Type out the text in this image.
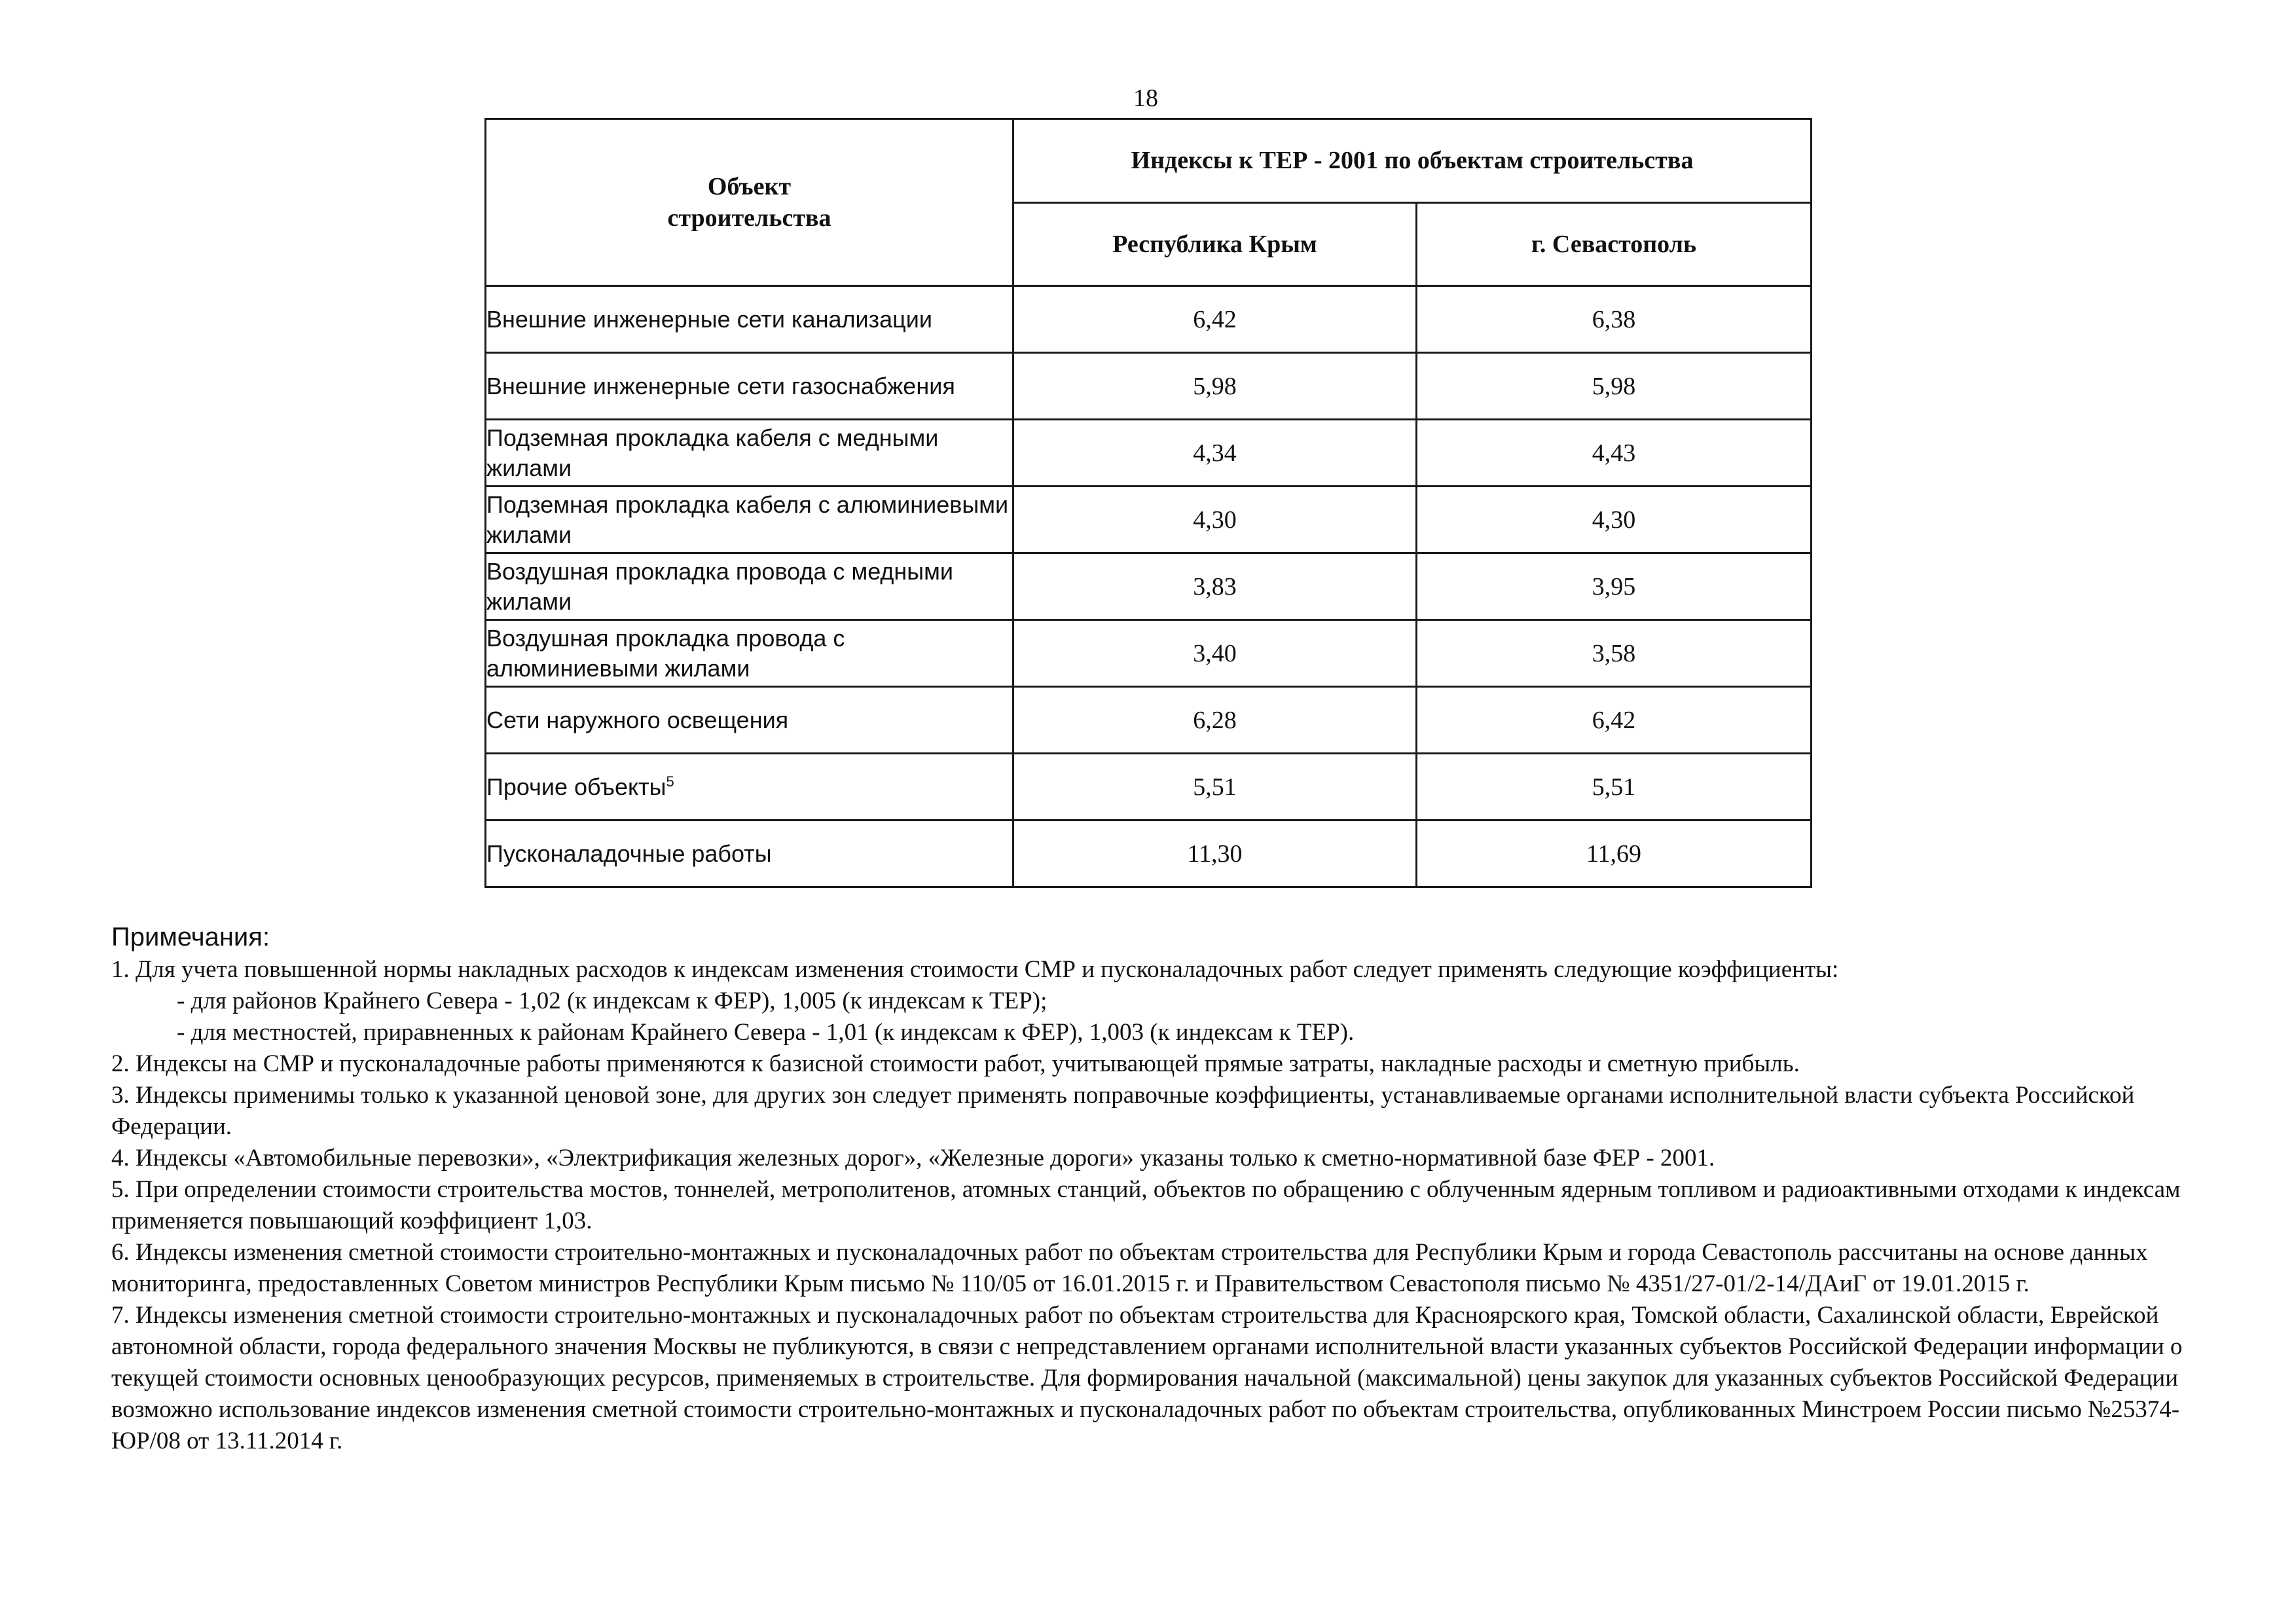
18
Объект
строительства	Индексы к ТЕР - 2001 по объектам строительства	
	Республика Крым	г. Севастополь
Внешние инженерные сети канализации	6,42	6,38
Внешние инженерные сети газоснабжения	5,98	5,98
Подземная прокладка кабеля с медными жилами	4,34	4,43
Подземная прокладка кабеля с алюминиевыми жилами	4,30	4,30
Воздушная прокладка провода с медными жилами	3,83	3,95
Воздушная прокладка провода с алюминиевыми жилами	3,40	3,58
Сети наружного освещения	6,28	6,42
Прочие объекты$^5$	5,51	5,51
Пусконаладочные работы	11,30	11,69
Примечания:

1. Для учета повышенной нормы накладных расходов к индексам изменения стоимости СМР и пусконаладочных работ следует применять следующие коэффициенты:

- для районов Крайнего Севера - 1,02 (к индексам к ФЕР), 1,005 (к индексам к ТЕР);

- для местностей, приравненных к районам Крайнего Севера - 1,01 (к индексам к ФЕР), 1,003 (к индексам к ТЕР).

2. Индексы на СМР и пусконаладочные работы применяются к базисной стоимости работ, учитывающей прямые затраты, накладные расходы и сметную прибыль.

3. Индексы применимы только к указанной ценовой зоне, для других зон следует применять поправочные коэффициенты, устанавливаемые органами исполнительной власти субъекта Российской Федерации.

4. Индексы «Автомобильные перевозки», «Электрификация железных дорог», «Железные дороги» указаны только к сметно-нормативной базе ФЕР - 2001.

5. При определении стоимости строительства мостов, тоннелей, метрополитенов, атомных станций, объектов по обращению с облученным ядерным топливом и радиоактивными отходами к индексам применяется повышающий коэффициент 1,03.

6. Индексы изменения сметной стоимости строительно-монтажных и пусконаладочных работ по объектам строительства для Республики Крым и города Севастополь рассчитаны на основе данных мониторинга, предоставленных Советом министров Республики Крым письмо № 110/05 от 16.01.2015 г. и Правительством Севастополя письмо № 4351/27-01/2-14/ДАиГ от 19.01.2015 г.

7. Индексы изменения сметной стоимости строительно-монтажных и пусконаладочных работ по объектам строительства для Красноярского края, Томской области, Сахалинской области, Еврейской автономной области, города федерального значения Москвы не публикуются, в связи с непредставлением органами исполнительной власти указанных субъектов Российской Федерации информации о текущей стоимости основных ценообразующих ресурсов, применяемых в строительстве. Для формирования начальной (максимальной) цены закупок для указанных субъектов Российской Федерации возможно использование индексов изменения сметной стоимости строительно-монтажных и пусконаладочных работ по объектам строительства, опубликованных Минстроем России письмо №25374-ЮР/08 от 13.11.2014 г.
